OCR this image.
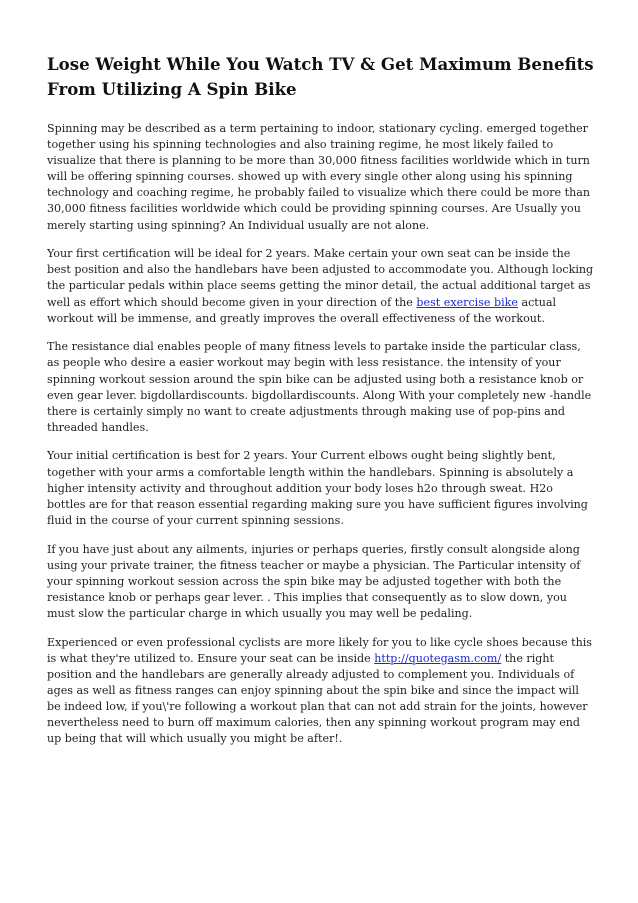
Lose Weight While You Watch TV & Get Maximum Benefits From Utilizing A Spin Bike

Spinning may be described as a term pertaining to indoor, stationary cycling. emerged together together using his spinning technologies and also training regime, he most likely failed to visualize that there is planning to be more than 30,000 fitness facilities worldwide which in turn will be offering spinning courses. showed up with every single other along using his spinning technology and coaching regime, he probably failed to visualize which there could be more than 30,000 fitness facilities worldwide which could be providing spinning courses. Are Usually you merely starting using spinning? An Individual usually are not alone.

Your first certification will be ideal for 2 years. Make certain your own seat can be inside the best position and also the handlebars have been adjusted to accommodate you. Although locking the particular pedals within place seems getting the minor detail, the actual additional target as well as effort which should become given in your direction of the best exercise bike actual workout will be immense, and greatly improves the overall effectiveness of the workout.

The resistance dial enables people of many fitness levels to partake inside the particular class, as people who desire a easier workout may begin with less resistance. the intensity of your spinning workout session around the spin bike can be adjusted using both a resistance knob or even gear lever. bigdollardiscounts. bigdollardiscounts. Along With your completely new -handle there is certainly simply no want to create adjustments through making use of pop-pins and threaded handles.

Your initial certification is best for 2 years. Your Current elbows ought being slightly bent, together with your arms a comfortable length within the handlebars. Spinning is absolutely a higher intensity activity and throughout addition your body loses h2o through sweat. H2o bottles are for that reason essential regarding making sure you have sufficient figures involving fluid in the course of your current spinning sessions.

If you have just about any ailments, injuries or perhaps queries, firstly consult alongside along using your private trainer, the fitness teacher or maybe a physician. The Particular intensity of your spinning workout session across the spin bike may be adjusted together with both the resistance knob or perhaps gear lever. . This implies that consequently as to slow down, you must slow the particular charge in which usually you may well be pedaling.

Experienced or even professional cyclists are more likely for you to like cycle shoes because this is what they're utilized to. Ensure your seat can be inside http://quotegasm.com/ the right position and the handlebars are generally already adjusted to complement you. Individuals of ages as well as fitness ranges can enjoy spinning about the spin bike and since the impact will be indeed low, if you\'re following a workout plan that can not add strain for the joints, however nevertheless need to burn off maximum calories, then any spinning workout program may end up being that will which usually you might be after!.
